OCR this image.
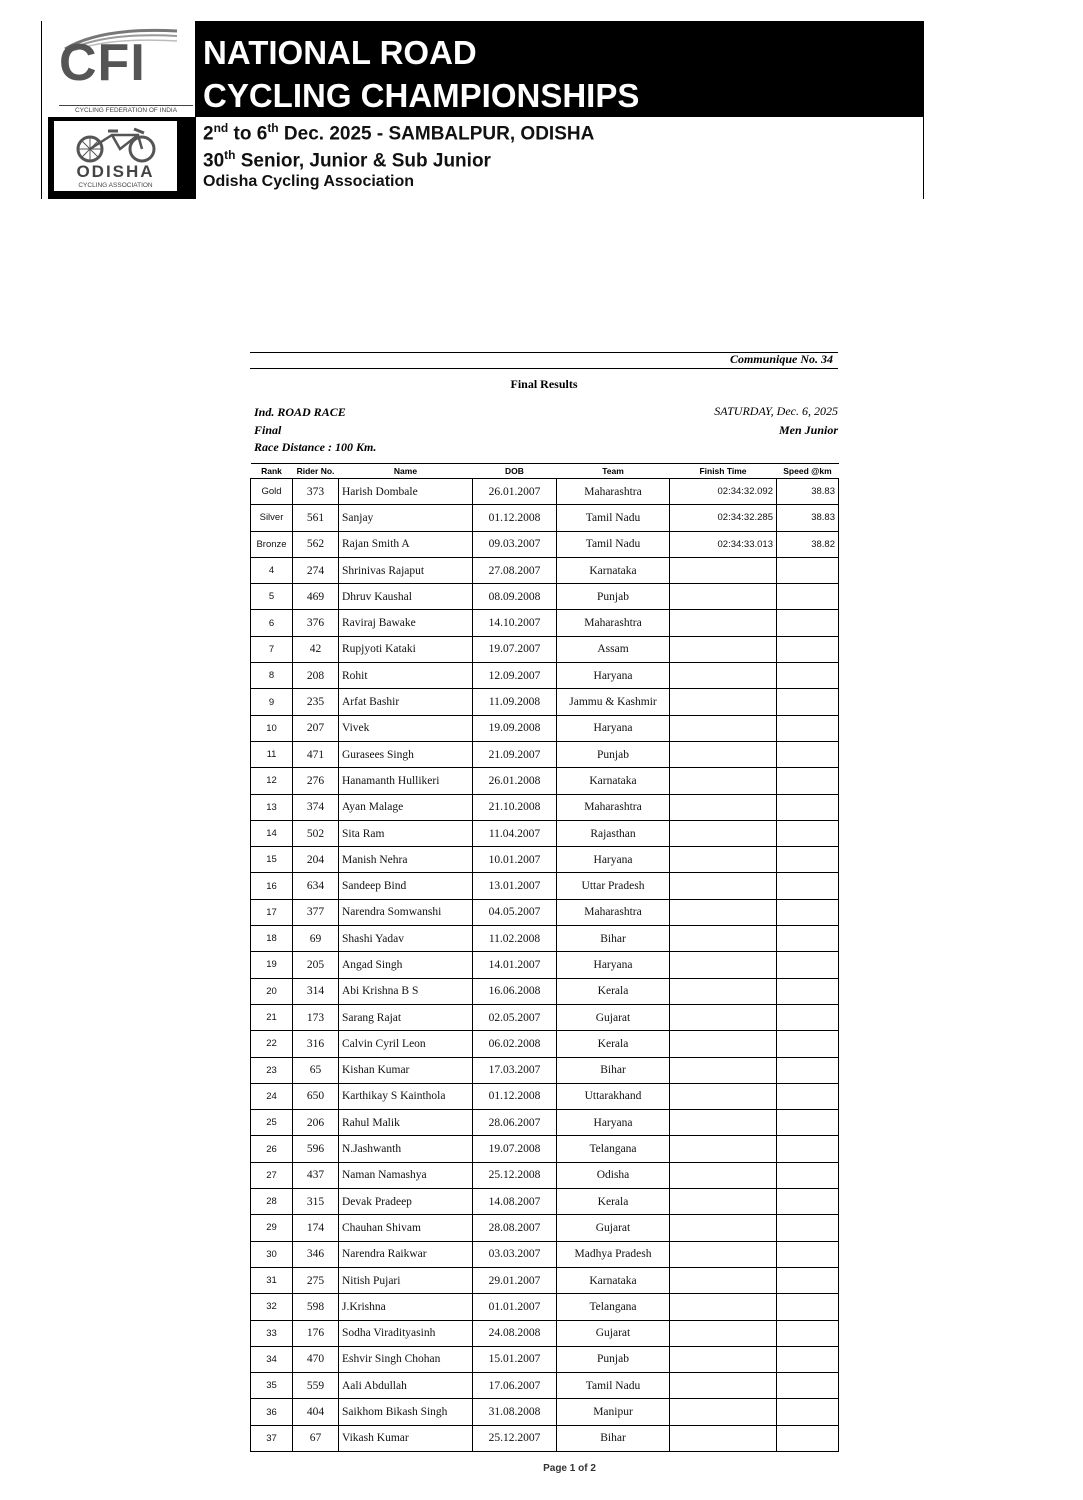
CFI
CYCLING FEDERATION OF INDIA
ODISHA
CYCLING ASSOCIATION
NATIONAL ROAD
CYCLING CHAMPIONSHIPS
2nd to 6th Dec. 2025 - SAMBALPUR, ODISHA
30th Senior, Junior & Sub Junior
Odisha Cycling Association
Communique No. 34
Final Results
Ind. ROAD RACE
Final
Race Distance : 100 Km.
SATURDAY, Dec. 6, 2025
Men Junior
Rank	Rider No.	Name	DOB	Team	Finish Time	Speed @km
Gold	373	Harish Dombale	26.01.2007	Maharashtra	02:34:32.092	38.83
Silver	561	Sanjay	01.12.2008	Tamil Nadu	02:34:32.285	38.83
Bronze	562	Rajan Smith A	09.03.2007	Tamil Nadu	02:34:33.013	38.82
4	274	Shrinivas Rajaput	27.08.2007	Karnataka		
5	469	Dhruv Kaushal	08.09.2008	Punjab		
6	376	Raviraj Bawake	14.10.2007	Maharashtra		
7	42	Rupjyoti Kataki	19.07.2007	Assam		
8	208	Rohit	12.09.2007	Haryana		
9	235	Arfat Bashir	11.09.2008	Jammu & Kashmir		
10	207	Vivek	19.09.2008	Haryana		
11	471	Gurasees Singh	21.09.2007	Punjab		
12	276	Hanamanth Hullikeri	26.01.2008	Karnataka		
13	374	Ayan Malage	21.10.2008	Maharashtra		
14	502	Sita Ram	11.04.2007	Rajasthan		
15	204	Manish Nehra	10.01.2007	Haryana		
16	634	Sandeep Bind	13.01.2007	Uttar Pradesh		
17	377	Narendra Somwanshi	04.05.2007	Maharashtra		
18	69	Shashi Yadav	11.02.2008	Bihar		
19	205	Angad Singh	14.01.2007	Haryana		
20	314	Abi Krishna B S	16.06.2008	Kerala		
21	173	Sarang Rajat	02.05.2007	Gujarat		
22	316	Calvin Cyril Leon	06.02.2008	Kerala		
23	65	Kishan Kumar	17.03.2007	Bihar		
24	650	Karthikay S Kainthola	01.12.2008	Uttarakhand		
25	206	Rahul Malik	28.06.2007	Haryana		
26	596	N.Jashwanth	19.07.2008	Telangana		
27	437	Naman Namashya	25.12.2008	Odisha		
28	315	Devak Pradeep	14.08.2007	Kerala		
29	174	Chauhan Shivam	28.08.2007	Gujarat		
30	346	Narendra Raikwar	03.03.2007	Madhya Pradesh		
31	275	Nitish Pujari	29.01.2007	Karnataka		
32	598	J.Krishna	01.01.2007	Telangana		
33	176	Sodha Viradityasinh	24.08.2008	Gujarat		
34	470	Eshvir Singh Chohan	15.01.2007	Punjab		
35	559	Aali Abdullah	17.06.2007	Tamil Nadu		
36	404	Saikhom Bikash Singh	31.08.2008	Manipur		
37	67	Vikash Kumar	25.12.2007	Bihar		
Page 1 of 2
